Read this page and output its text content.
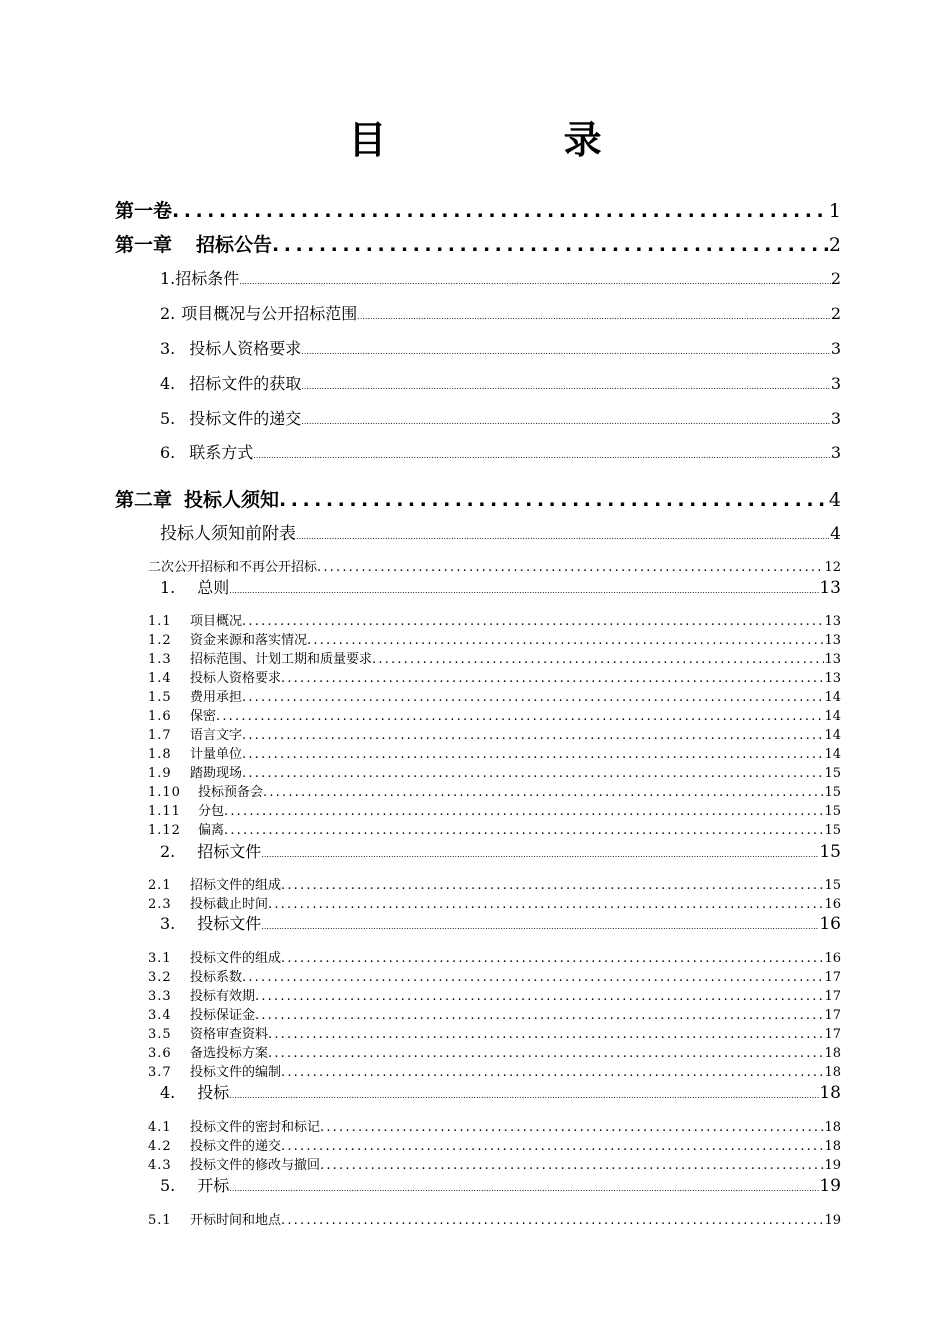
目 录
第一卷 .....	1
第一章 招标公告 .....	2
1.招标条件 .....	2
2. 项目概况与公开招标范围 .....	2
3. 投标人资格要求 .....	3
4. 招标文件的获取 .....	3
5. 投标文件的递交 .....	3
6. 联系方式 .....	3
第二章 投标人须知 .....	4
投标人须知前附表 .....	4
二次公开招标和不再公开招标 .....	12
1. 总则 .....	13
1.1 项目概况 .....	13
1.2 资金来源和落实情况 .....	13
1.3 招标范围、计划工期和质量要求 .....	13
1.4 投标人资格要求 .....	13
1.5 费用承担 .....	14
1.6 保密 .....	14
1.7 语言文字 .....	14
1.8 计量单位 .....	14
1.9 踏勘现场 .....	15
1.10 投标预备会 .....	15
1.11 分包 .....	15
1.12 偏离 .....	15
2. 招标文件 .....	15
2.1 招标文件的组成 .....	15
2.3 投标截止时间 .....	16
3. 投标文件 .....	16
3.1 投标文件的组成 .....	16
3.2 投标系数 .....	17
3.3 投标有效期 .....	17
3.4 投标保证金 .....	17
3.5 资格审查资料 .....	17
3.6 备选投标方案 .....	18
3.7 投标文件的编制 .....	18
4. 投标 .....	18
4.1 投标文件的密封和标记 .....	18
4.2 投标文件的递交 .....	18
4.3 投标文件的修改与撤回 .....	19
5. 开标 .....	19
5.1 开标时间和地点 .....	19
